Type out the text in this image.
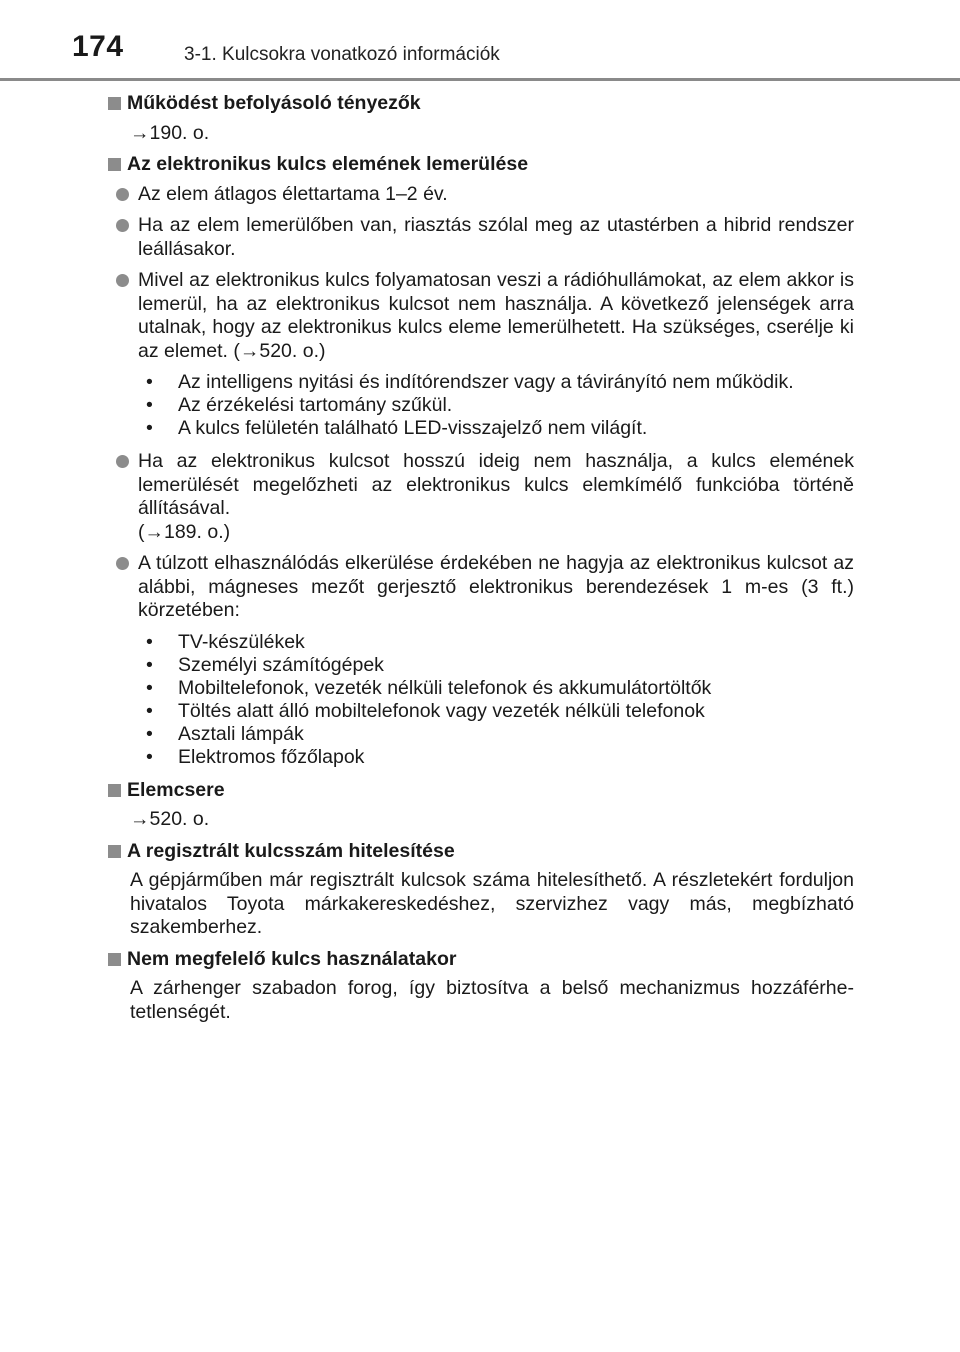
174	3-1. Kulcsokra vonatkozó információk
Működést befolyásoló tényezők
→190. o.
Az elektronikus kulcs elemének lemerülése
Az elem átlagos élettartama 1–2 év.
Ha az elem lemerülőben van, riasztás szólal meg az utastérben a hibrid rendszer leállásakor.
Mivel az elektronikus kulcs folyamatosan veszi a rádióhullámokat, az elem akkor is lemerül, ha az elektronikus kulcsot nem használja. A következő jelenségek arra utalnak, hogy az elektronikus kulcs eleme lemerülhetett. Ha szükséges, cserélje ki az elemet. (→520. o.)
•
Az intelligens nyitási és indítórendszer vagy a távirányító nem működik.
•
Az érzékelési tartomány szűkül.
•
A kulcs felületén található LED-visszajelző nem világít.
Ha az elektronikus kulcsot hosszú ideig nem használja, a kulcs elemének lemerülését megelőzheti az elektronikus kulcs elemkímélő funkcióba történě állításával.
(→189. o.)
A túlzott elhasználódás elkerülése érdekében ne hagyja az elektronikus kulcsot az alábbi, mágneses mezőt gerjesztő elektronikus berendezések 1 m-es (3 ft.) körzetében:
•
TV-készülékek
•
Személyi számítógépek
•
Mobiltelefonok, vezeték nélküli telefonok és akkumulátortöltők
•
Töltés alatt álló mobiltelefonok vagy vezeték nélküli telefonok
•
Asztali lámpák
•
Elektromos főzőlapok
Elemcsere
→520. o.
A regisztrált kulcsszám hitelesítése
A gépjárműben már regisztrált kulcsok száma hitelesíthető. A részletekért forduljon hivatalos Toyota márkakereskedéshez, szervizhez vagy más, megbízható szakemberhez.
Nem megfelelő kulcs használatakor
A zárhenger szabadon forog, így biztosítva a belső mechanizmus hozzáférhetetlenségét.
